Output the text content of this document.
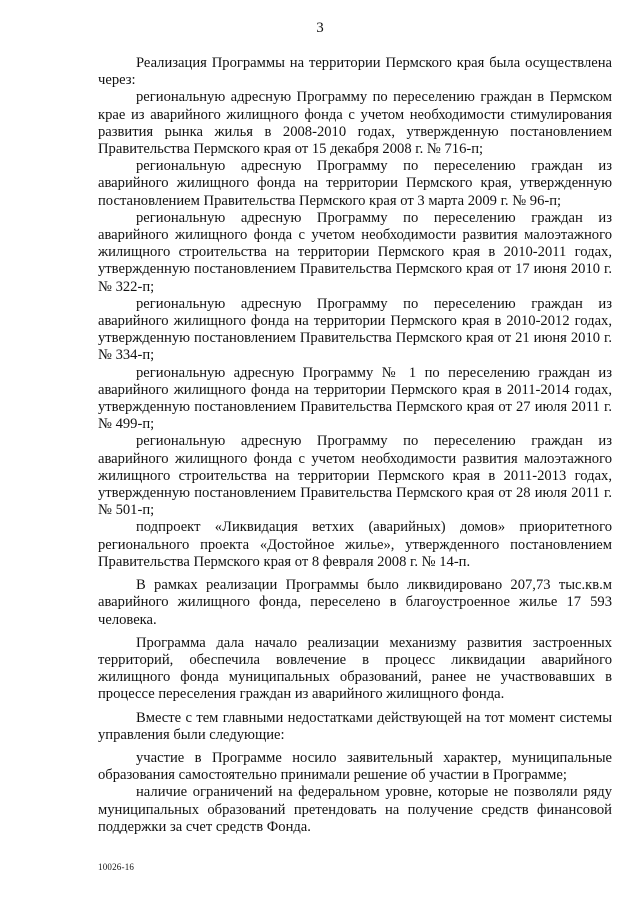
3

Реализация Программы на территории Пермского края была осуществлена через:

региональную адресную Программу по переселению граждан в Пермском крае из аварийного жилищного фонда с учетом необходимости стимулирования развития рынка жилья в 2008-2010 годах, утвержденную постановлением Правительства Пермского края от 15 декабря 2008 г. № 716-п;

региональную адресную Программу по переселению граждан из аварийного жилищного фонда на территории Пермского края, утвержденную постановлением Правительства Пермского края от 3 марта 2009 г. № 96-п;

региональную адресную Программу по переселению граждан из аварийного жилищного фонда с учетом необходимости развития малоэтажного жилищного строительства на территории Пермского края в 2010-2011 годах, утвержденную постановлением Правительства Пермского края от 17 июня 2010 г. № 322-п;

региональную адресную Программу по переселению граждан из аварийного жилищного фонда на территории Пермского края в 2010-2012 годах, утвержденную постановлением Правительства Пермского края от 21 июня 2010 г. № 334-п;

региональную адресную Программу № 1 по переселению граждан из аварийного жилищного фонда на территории Пермского края в 2011-2014 годах, утвержденную постановлением Правительства Пермского края от 27 июля 2011 г. № 499-п;

региональную адресную Программу по переселению граждан из аварийного жилищного фонда с учетом необходимости развития малоэтажного жилищного строительства на территории Пермского края в 2011-2013 годах, утвержденную постановлением Правительства Пермского края от 28 июля 2011 г. № 501-п;

подпроект «Ликвидация ветхих (аварийных) домов» приоритетного регионального проекта «Достойное жилье», утвержденного постановлением Правительства Пермского края от 8 февраля 2008 г. № 14-п.

В рамках реализации Программы было ликвидировано 207,73 тыс.кв.м аварийного жилищного фонда, переселено в благоустроенное жилье 17 593 человека.

Программа дала начало реализации механизму развития застроенных территорий, обеспечила вовлечение в процесс ликвидации аварийного жилищного фонда муниципальных образований, ранее не участвовавших в процессе переселения граждан из аварийного жилищного фонда.

Вместе с тем главными недостатками действующей на тот момент системы управления были следующие:

участие в Программе носило заявительный характер, муниципальные образования самостоятельно принимали решение об участии в Программе;

наличие ограничений на федеральном уровне, которые не позволяли ряду муниципальных образований претендовать на получение средств финансовой поддержки за счет средств Фонда.

10026-16
